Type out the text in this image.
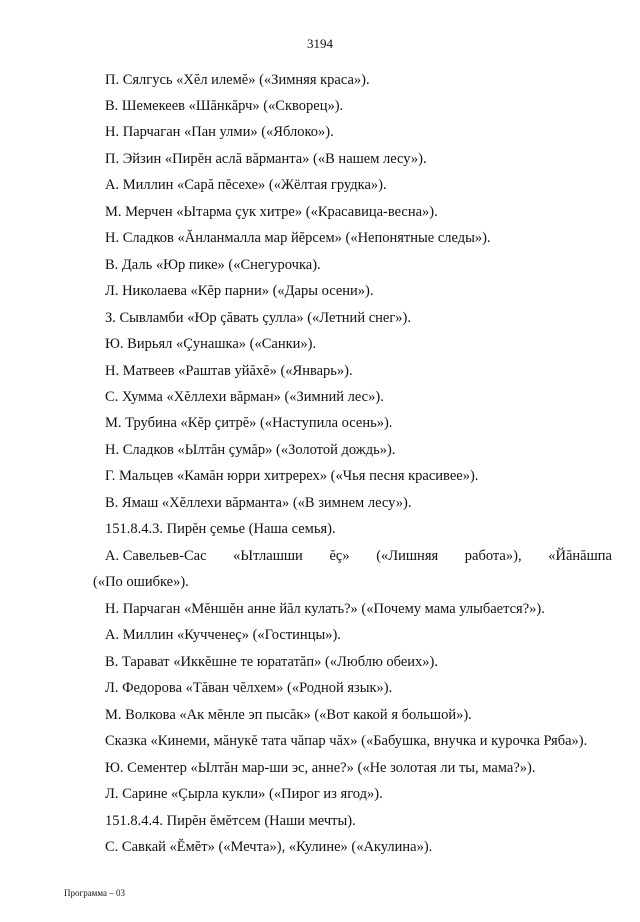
3194
П. Сялгусь «Хĕл илемĕ» («Зимняя краса»).
В. Шемекеев «Шăнкăрч» («Скворец»).
Н. Парчаган «Пан улми» («Яблоко»).
П. Эйзин «Пирĕн аслă вăрманта» («В нашем лесу»).
А. Миллин «Сарă пĕсехе» («Жёлтая грудка»).
М. Мерчен «Ытарма çук хитре» («Красавица-весна»).
Н. Сладков «Ăнланмалла мар йĕрсем» («Непонятные следы»).
В. Даль «Юр пике» («Снегурочка).
Л. Николаева «Кĕр парни» («Дары осени»).
З. Сывламби «Юр çăвать çулла» («Летний снег»).
Ю. Вирьял «Çунашка» («Санки»).
Н. Матвеев «Раштав уйăхĕ» («Январь»).
С. Хумма «Хĕллехи вăрман» («Зимний лес»).
М. Трубина «Кĕр çитрĕ» («Наступила осень»).
Н. Сладков «Ылтăн çумăр» («Золотой дождь»).
Г. Мальцев «Камăн юрри хитререх» («Чья песня красивее»).
В. Ямаш «Хĕллехи вăрманта» («В зимнем лесу»).
151.8.4.3. Пирĕн çемье (Наша семья).
А. Савельев-Сас «Ытлашши ĕç» («Лишняя работа»), «Йăнăшпа
(«По ошибке»).
Н. Парчаган «Мĕншĕн анне йăл кулать?» («Почему мама улыбается?»).
А. Миллин «Кучченеç» («Гостинцы»).
В. Тарават «Иккĕшне те юрататăп» («Люблю обеих»).
Л. Федорова «Тăван чĕлхем» («Родной язык»).
М. Волкова «Ак мĕнле эп пысăк» («Вот какой я большой»).
Сказка «Кинеми, мăнукĕ тата чăпар чăх» («Бабушка, внучка и курочка Ряба»).
Ю. Сементер «Ылтăн мар-ши эс, анне?» («Не золотая ли ты, мама?»).
Л. Сарине «Çырла кукли» («Пирог из ягод»).
151.8.4.4. Пирĕн ĕмĕтсем (Наши мечты).
С. Савкай «Ĕмĕт» («Мечта»), «Кулине» («Акулина»).
Программа – 03
